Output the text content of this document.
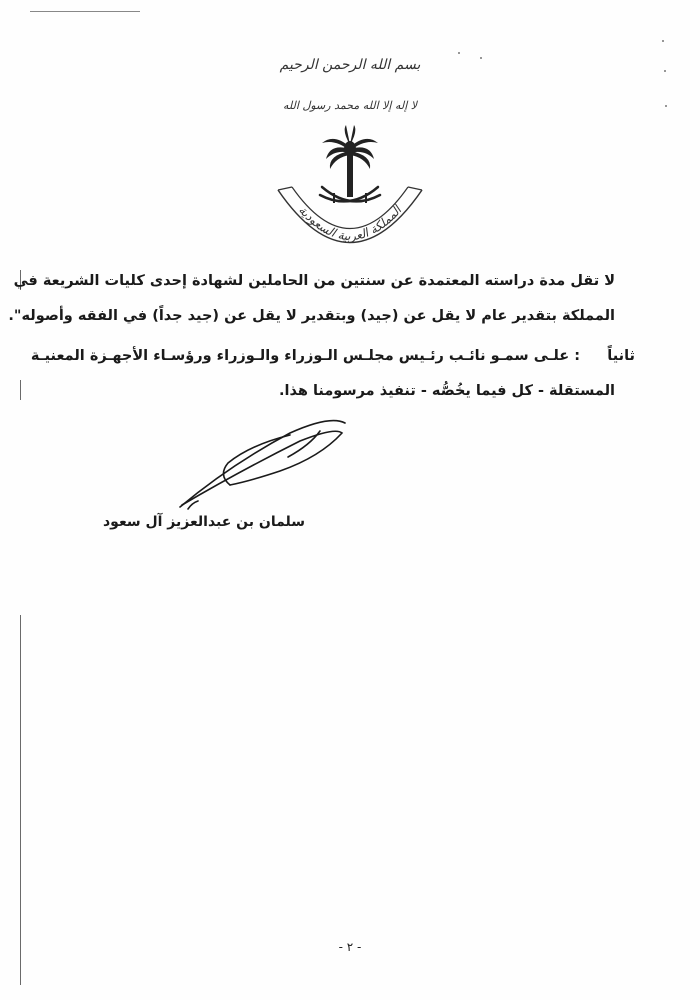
بسم الله الرحمن الرحيم
لا إله إلا الله محمد رسول الله
المملكة العربية السعودية
لا تقل مدة دراسته المعتمدة عن سنتين من الحاملين لشهادة إحدى كليات الشريعة في
المملكة بتقدير عام لا يقل عن (جيد) وبتقدير لا يقل عن (جيد جداً) في الفقه وأصوله".
ثانياً
: علـى سمـو نائـب رئـيس مجلـس الـوزراء والـوزراء ورؤسـاء الأجهـزة المعنيـة
المستقلة - كل فيما يخُصُّه - تنفيذ مرسومنا هذا.
سلمان بن عبدالعزيز آل سعود
- ٢ -
